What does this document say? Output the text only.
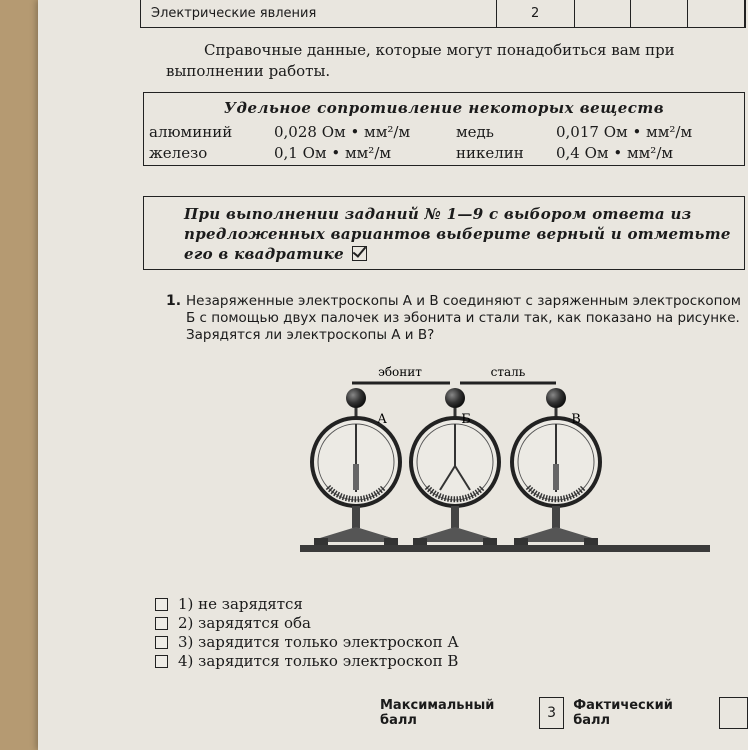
Электрические явления	2
Справочные данные, которые могут понадобиться вам при выполнении работы.
Удельное сопротивление некоторых веществ
алюминий	0,028 Ом • мм²/м	медь	0,017 Ом • мм²/м
железо	0,1 Ом • мм²/м	никелин 0,4 Ом • мм²/м
При выполнении заданий № 1—9 с выбором ответа из предложенных вариантов выберите верный и отметьте его в квадратике
1. Незаряженные электроскопы А и В соединяют с заряженным электроскопом Б с помощью двух палочек из эбонита и стали так, как показано на рисунке. Зарядятся ли электроскопы А и В?
эбонит	сталь
А	Б	В
1) не зарядятся
2) зарядятся оба
3) зарядится только электроскоп А
4) зарядится только электроскоп В
Максимальный балл	3	Фактический балл
